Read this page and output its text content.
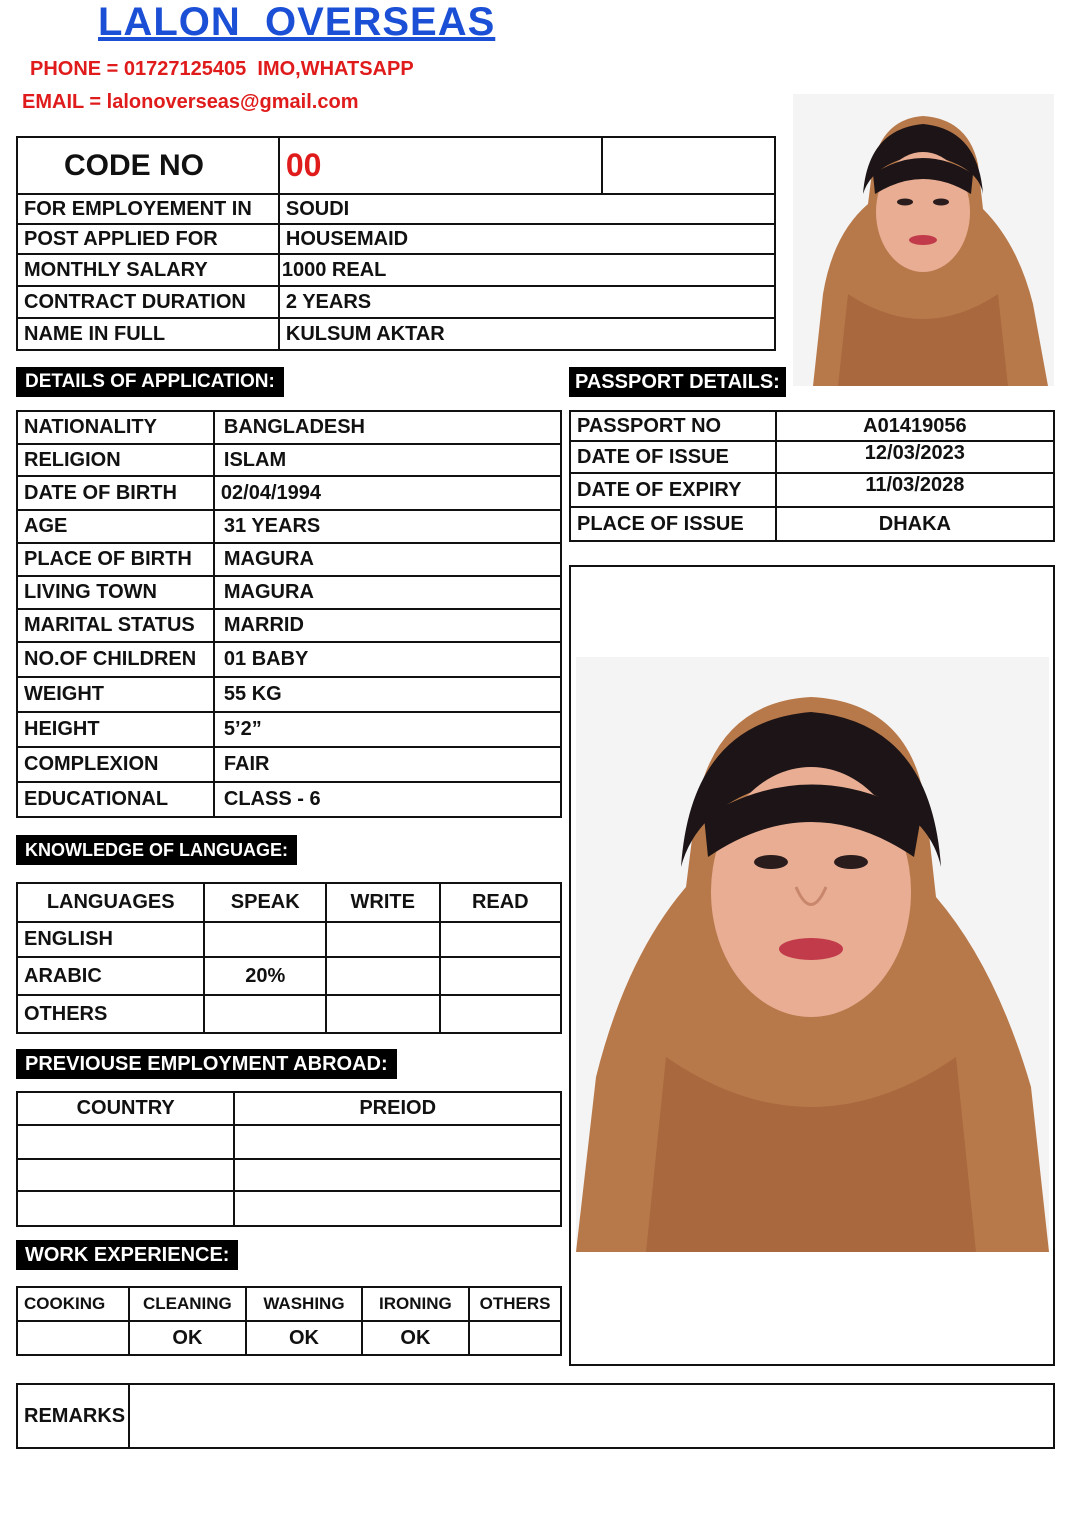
LALON  OVERSEAS
PHONE = 01727125405  IMO,WHATSAPP
EMAIL = lalonoverseas@gmail.com
CODE NO	00	
FOR EMPLOYEMENT IN	SOUDI	
POST APPLIED FOR	HOUSEMAID	
MONTHLY SALARY	1000 REAL	
CONTRACT DURATION	2 YEARS	
NAME IN FULL	KULSUM AKTAR	
DETAILS OF APPLICATION:
NATIONALITY	BANGLADESH
RELIGION	ISLAM
DATE OF BIRTH	02/04/1994
AGE	31 YEARS
PLACE OF BIRTH	MAGURA
LIVING TOWN	MAGURA
MARITAL STATUS	MARRID
NO.OF CHILDREN	01 BABY
WEIGHT	55 KG
HEIGHT	5’2”
COMPLEXION	FAIR
EDUCATIONAL	CLASS - 6
PASSPORT DETAILS:
PASSPORT NO	A01419056
DATE OF ISSUE	12/03/2023
DATE OF EXPIRY	11/03/2028
PLACE OF ISSUE	DHAKA
KNOWLEDGE OF LANGUAGE:
LANGUAGES	SPEAK	WRITE	READ
ENGLISH			
ARABIC	20%		
OTHERS			
PREVIOUSE EMPLOYMENT ABROAD:
COUNTRY	PREIOD

WORK EXPERIENCE:
COOKING	CLEANING	WASHING	IRONING	OTHERS
	OK	OK	OK	
REMARKS	
